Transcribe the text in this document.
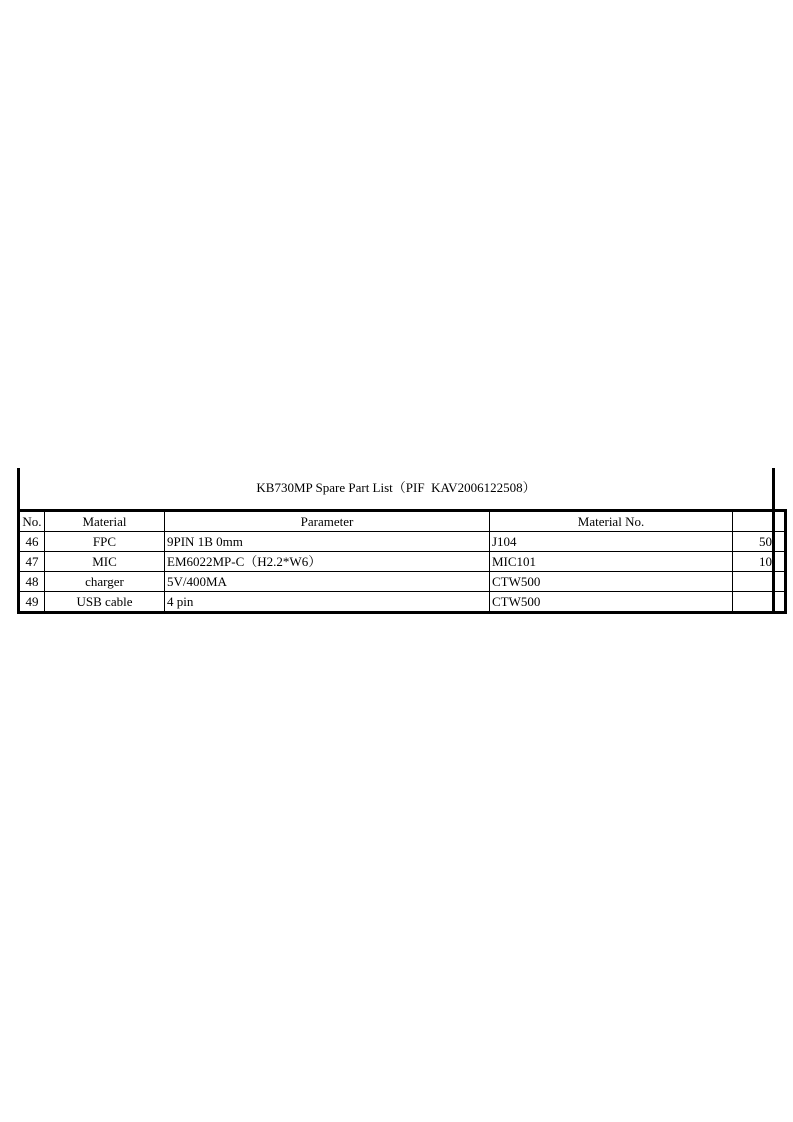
KB730MP Spare Part List（PIF  KAV2006122508）
No.	Material	Parameter	Material No.	
46	FPC	9PIN 1B 0mm	J104	50
47	MIC	EM6022MP-C（H2.2*W6）	MIC101	10
48	charger	5V/400MA	CTW500	
49	USB cable	4 pin	CTW500	
